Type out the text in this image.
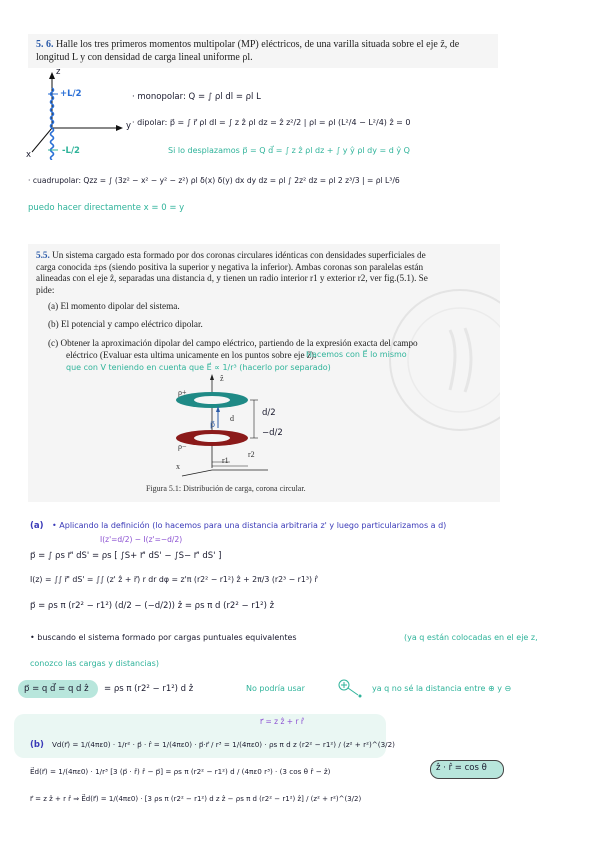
5. 6. Halle los tres primeros momentos multipolar (MP) eléctricos, de una varilla situada sobre el eje ẑ, de
longitud L y con densidad de carga lineal uniforme ρl.
z
y
x
+L/2
-L/2
· monopolar: Q = ∫ ρl dl = ρl L
· dipolar: p⃗ = ∫ r⃗ ρl dl = ∫ z ẑ ρl dz = ẑ z²/2 | ρl = ρl (L²/4 − L²/4) ẑ = 0
Si lo desplazamos p⃗ = Q d⃗ = ∫ z ẑ ρl dz + ∫ y ŷ ρl dy = d ŷ Q
· cuadrupolar: Qzz = ∫ (3z² − x² − y² − z²) ρl δ(x) δ(y) dx dy dz = ρl ∫ 2z² dz = ρl 2 z³/3 | = ρl L³/6
puedo hacer directamente x = 0 = y
5.5. Un sistema cargado esta formado por dos coronas circulares idénticas con densidades superficiales de
carga conocida ±ρs (siendo positiva la superior y negativa la inferior). Ambas coronas son paralelas están
alineadas con el eje ẑ, separadas una distancia d, y tienen un radio interior r1 y exterior r2, ver fig.(5.1). Se
pide:
(a) El momento dipolar del sistema.
(b) El potencial y campo eléctrico dipolar.
(c) Obtener la aproximación dipolar del campo eléctrico, partiendo de la expresión exacta del campo
eléctrico (Evaluar esta ultima unicamente en los puntos sobre eje ẑ).
Hacemos con E⃗ lo mismo
que con V teniendo en cuenta que E⃗ ∝ 1/r³ (hacerlo por separado)
ρ+
ρ−
ẑ
x
d
p⃗
r1
r2
d/2
−d/2
Figura 5.1: Distribución de carga, corona circular.
(a) • Aplicando la definición (lo hacemos para una distancia arbitraria z' y luego particularizamos a d)
I(z'=d/2) − I(z'=−d/2)
p⃗ = ∫ ρs r⃗' dS' = ρs [ ∫S+ r⃗' dS' − ∫S− r⃗' dS' ]
I(z) = ∫∫ r⃗' dS' = ∫∫ (z' ẑ + r⃗) r dr dφ = z'π (r2² − r1²) ẑ + 2π/3 (r2³ − r1³) r̂
p⃗ = ρs π (r2² − r1²) (d/2 − (−d/2)) ẑ = ρs π d (r2² − r1²) ẑ
• buscando el sistema formado por cargas puntuales equivalentes	(ya q están colocadas en el eje z,
conozco las cargas y distancias)
p⃗ = q d⃗ = q d ẑ = ρs π (r2² − r1²) d ẑ	No podría usar	ya q no sé la distancia entre ⊕ y ⊖
r⃗ = z ẑ + r r̂
(b) Vd(r⃗) = 1/(4πε0) · 1/r² · p⃗ · r̂ = 1/(4πε0) · p⃗·r⃗ / r³ = 1/(4πε0) · ρs π d z (r2² − r1²) / (z² + r²)^(3/2)
E⃗d(r⃗) = 1/(4πε0) · 1/r³ [3 (p⃗ · r̂) r̂ − p⃗] = ρs π (r2² − r1²) d / (4πε0 r³) · (3 cos θ r̂ − ẑ)	ẑ · r̂ = cos θ
r⃗ = z ẑ + r r̂ ⇒ E⃗d(r⃗) = 1/(4πε0) · [3 ρs π (r2² − r1²) d z ẑ − ρs π d (r2² − r1²) ẑ] / (z² + r²)^(3/2)
